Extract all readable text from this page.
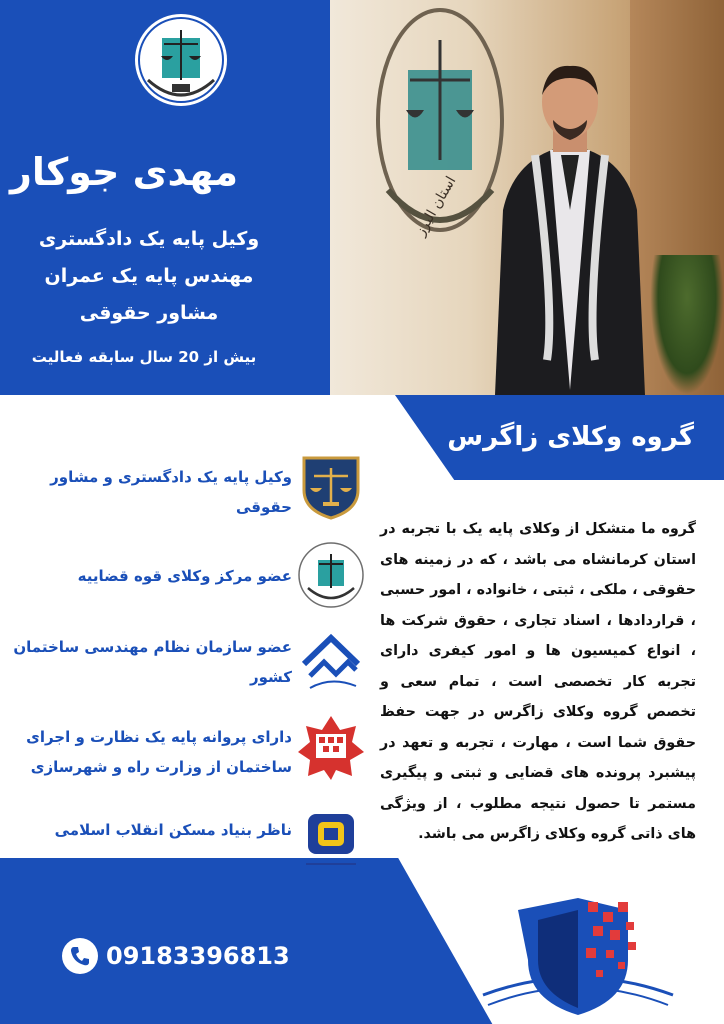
استان البرز
مهدی جوکار
وکیل پایه یک دادگستری
مهندس پایه یک عمران
مشاور حقوقی
بیش از 20 سال سابقه فعالیت
گروه وکلای زاگرس
گروه ما متشکل از وکلای پایه یک با تجربه در استان کرمانشاه می باشد ، که در زمینه های حقوقی ، ملکی ، ثبتی ، خانواده ، امور حسبی ، قراردادها ، اسناد تجاری ، حقوق شرکت ها ، انواع کمیسیون ها و امور کیفری دارای تجربه کار تخصصی است ، تمام سعی و تخصص گروه وکلای زاگرس در جهت حفظ حقوق شما است ، مهارت ، تجربه و تعهد در پیشبرد پرونده های قضایی و ثبتی و پیگیری مستمر تا حصول نتیجه مطلوب ، از ویژگی های ذاتی گروه وکلای زاگرس می باشد.
وکیل پایه یک دادگستری و مشاور حقوقی
عضو مرکز وکلای قوه قضاییه
عضو سازمان نظام مهندسی ساختمان کشور
دارای پروانه پایه یک نظارت و اجرای ساختمان از وزارت راه و شهرسازی
ناظر بنیاد مسکن انقلاب اسلامی
09183396813
